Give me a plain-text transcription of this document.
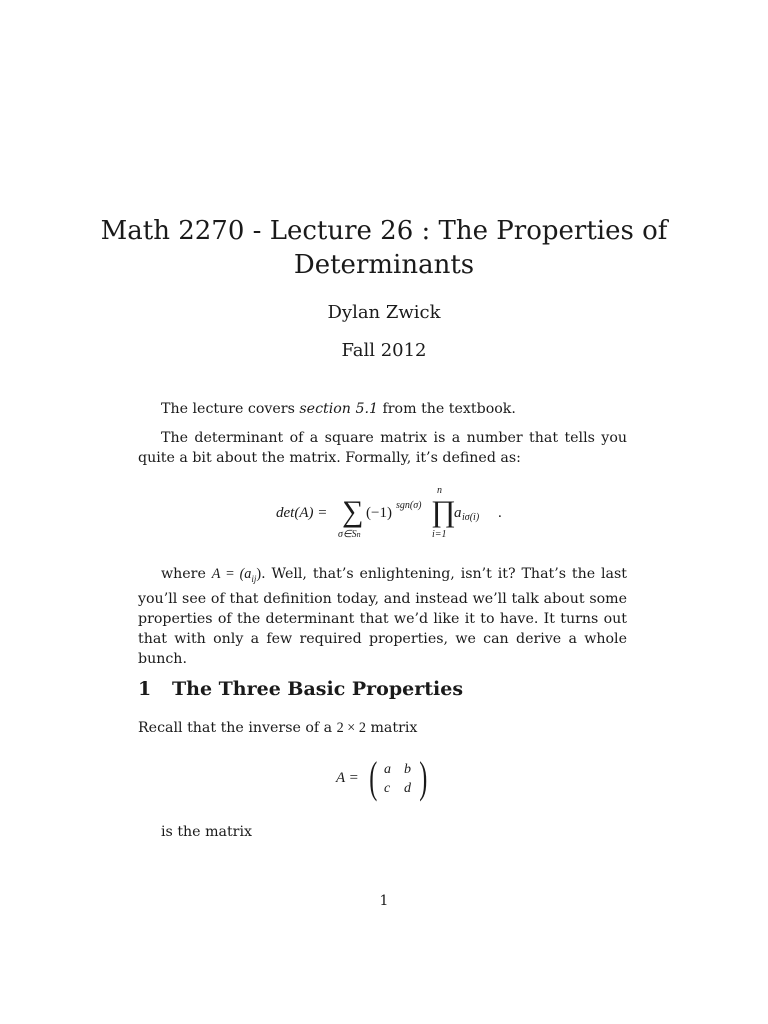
Math 2270 - Lecture 26 : The Properties of Determinants
Dylan Zwick
Fall 2012
The lecture covers section 5.1 from the textbook.
The determinant of a square matrix is a number that tells you quite a bit about the matrix. Formally, it’s defined as:
det(A) = ∑
σ∈Sn
(−1) sgn(σ) ∏
n
i=1
a iσ(i) .
where $A = (a_{ij})$. Well, that’s enlightening, isn’t it? That’s the last you’ll see of that definition today, and instead we’ll talk about some properties of the determinant that we’d like it to have. It turns out that with only a few required properties, we can derive a whole bunch.
1 The Three Basic Properties
Recall that the inverse of a 2 × 2 matrix
A = ( a b
c d )
is the matrix
1
